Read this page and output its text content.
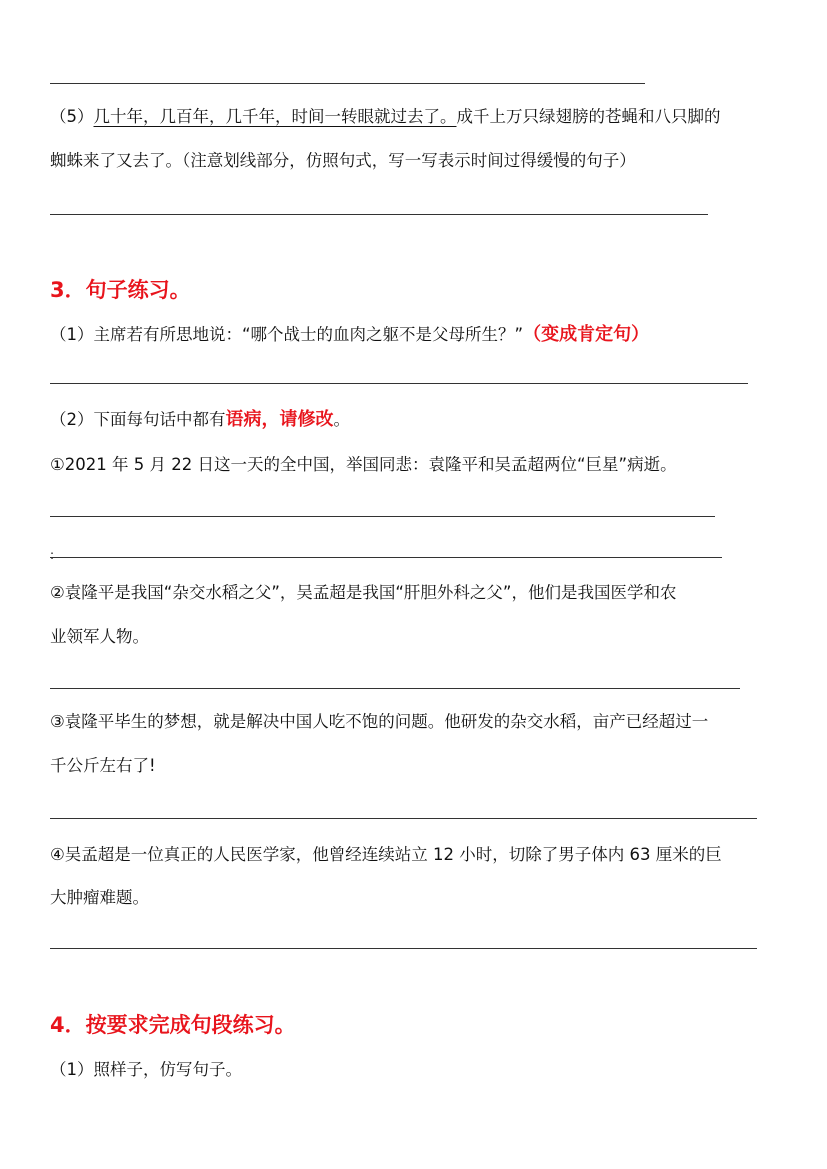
（5）几十年，几百年，几千年，时间一转眼就过去了。成千上万只绿翅膀的苍蝇和八只脚的
蜘蛛来了又去了。（注意划线部分，仿照句式，写一写表示时间过得缓慢的句子）
3．句子练习。
（1）主席若有所思地说：“哪个战士的血肉之躯不是父母所生？”（变成肯定句）
（2）下面每句话中都有语病，请修改。
①2021 年 5 月 22 日这一天的全中国，举国同悲：袁隆平和吴孟超两位“巨星”病逝。
:
②袁隆平是我国“杂交水稻之父”，吴孟超是我国“肝胆外科之父”，他们是我国医学和农
业领军人物。
③袁隆平毕生的梦想，就是解决中国人吃不饱的问题。他研发的杂交水稻，亩产已经超过一
千公斤左右了!
④吴孟超是一位真正的人民医学家，他曾经连续站立 12 小时，切除了男子体内 63 厘米的巨
大肿瘤难题。
4．按要求完成句段练习。
（1）照样子，仿写句子。
